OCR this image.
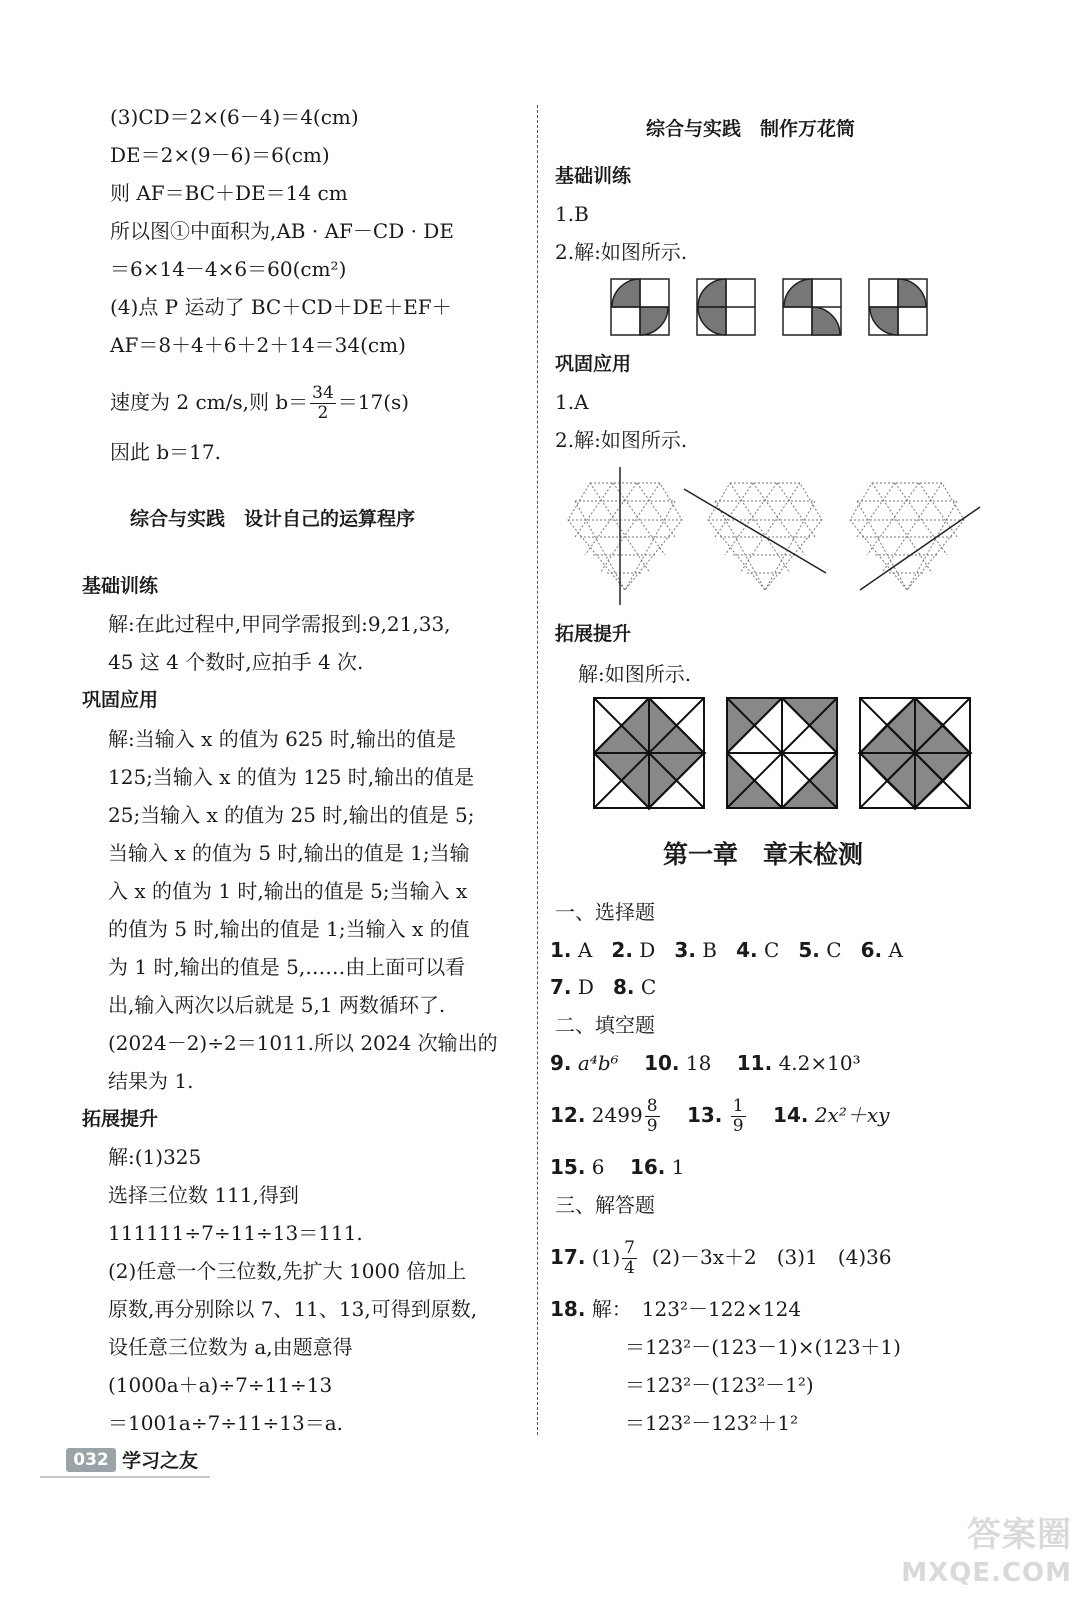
(3)CD＝2×(6－4)＝4(cm)
DE＝2×(9－6)＝6(cm)
则 AF＝BC＋DE＝14 cm
所以图①中面积为,AB · AF－CD · DE
＝6×14－4×6＝60(cm²)
(4)点 P 运动了 BC＋CD＋DE＋EF＋
AF＝8＋4＋6＋2＋14＝34(cm)
速度为 2 cm/s,则 $b= \frac{34}{2} =17(s)$
因此 b＝17.
综合与实践　设计自己的运算程序
基础训练
解:在此过程中,甲同学需报到:9,21,33,
45 这 4 个数时,应拍手 4 次.
巩固应用
解:当输入 x 的值为 625 时,输出的值是
125;当输入 x 的值为 125 时,输出的值是
25;当输入 x 的值为 25 时,输出的值是 5;
当输入 x 的值为 5 时,输出的值是 1;当输
入 x 的值为 1 时,输出的值是 5;当输入 x
的值为 5 时,输出的值是 1;当输入 x 的值
为 1 时,输出的值是 5,……由上面可以看
出,输入两次以后就是 5,1 两数循环了.
(2024－2)÷2＝1011.所以 2024 次输出的
结果为 1.
拓展提升
解:(1)325
选择三位数 111,得到
111111÷7÷11÷13＝111.
(2)任意一个三位数,先扩大 1000 倍加上
原数,再分别除以 7、11、13,可得到原数,
设任意三位数为 a,由题意得
(1000a＋a)÷7÷11÷13
＝1001a÷7÷11÷13＝a.
综合与实践　制作万花筒
基础训练
1.B
2.解:如图所示.
巩固应用
1.A
2.解:如图所示.
拓展提升
解:如图所示.
第一章　章末检测
一、选择题
1. A 2. D 3. B 4. C 5. C 6. A
7. D 8. C
二、填空题
9. a⁴b⁶ 10. 18 11. 4.2×10³
12. $2499 \frac{8}{9} 13$. $\frac{1}{9} 14$. 2x²＋xy
15. 6 16. 1
三、解答题
17. $(1) \frac{7}{4} (2)-3x+2$　(3)1　(4)36
18. 解：　123²－122×124
＝123²－(123－1)×(123＋1)
＝123²－(123²－1²)
＝123²－123²＋1²
032 学习之友
答案圈
MXQE.COM
